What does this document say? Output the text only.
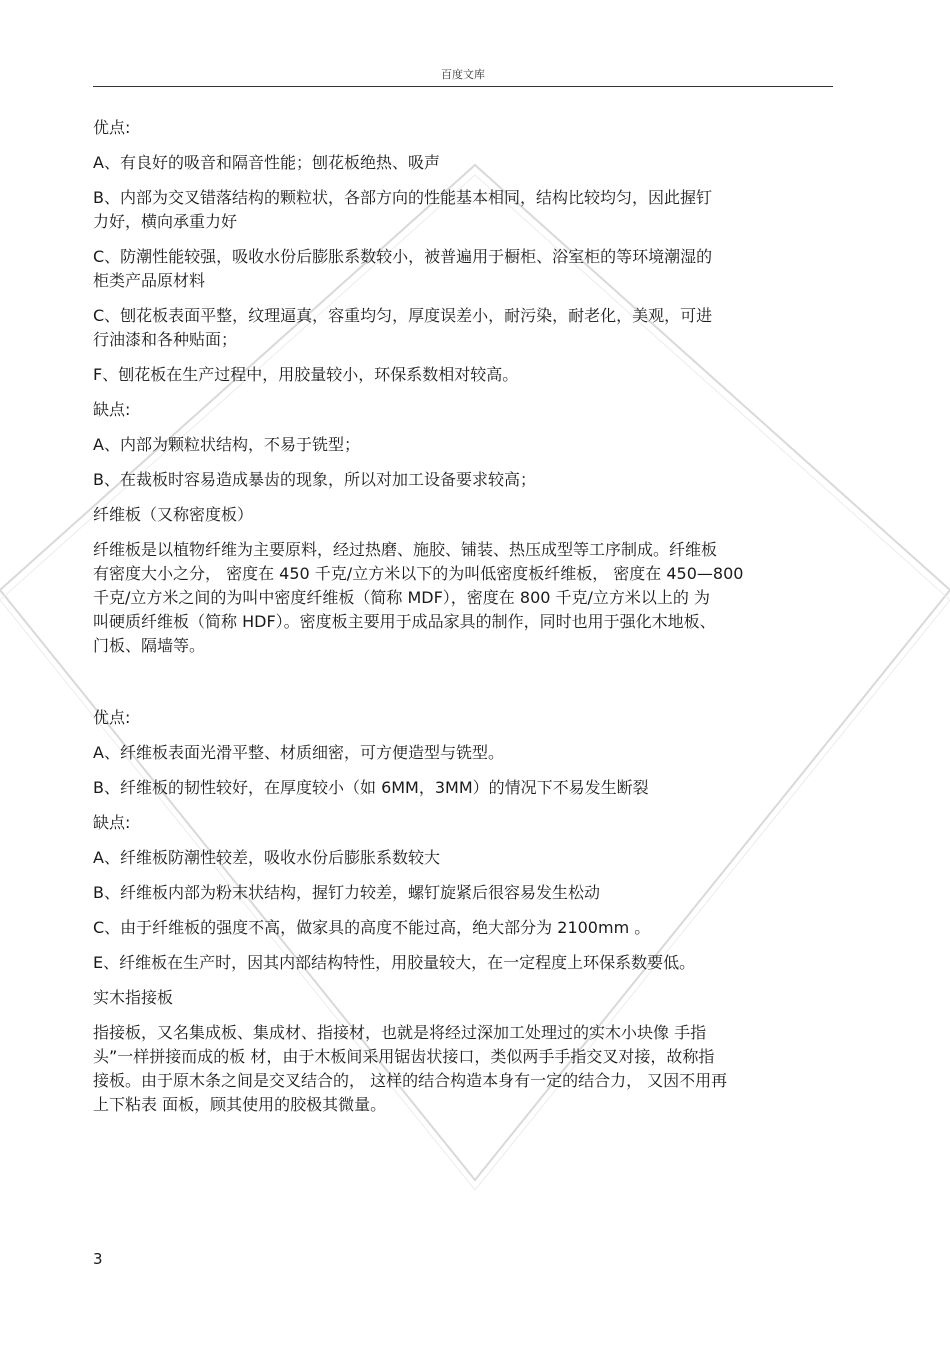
百度文库

优点:

A、有良好的吸音和隔音性能；刨花板绝热、吸声

B、内部为交叉错落结构的颗粒状，各部方向的性能基本相同，结构比较均匀，因此握钉

力好，横向承重力好

C、防潮性能较强，吸收水份后膨胀系数较小，被普遍用于橱柜、浴室柜的等环境潮湿的

柜类产品原材料

C、刨花板表面平整，纹理逼真，容重均匀，厚度误差小，耐污染，耐老化，美观，可进

行油漆和各种贴面；

F、刨花板在生产过程中，用胶量较小，环保系数相对较高。

缺点:

A、内部为颗粒状结构，不易于铣型；

B、在裁板时容易造成暴齿的现象，所以对加工设备要求较高；

纤维板（又称密度板）

纤维板是以植物纤维为主要原料，经过热磨、施胶、铺装、热压成型等工序制成。纤维板

有密度大小之分， 密度在 450 千克/立方米以下的为叫低密度板纤维板， 密度在 450—800

千克/立方米之间的为叫中密度纤维板（简称 MDF），密度在 800 千克/立方米以上的 为

叫硬质纤维板（简称 HDF）。密度板主要用于成品家具的制作，同时也用于强化木地板、

门板、隔墙等。

优点:

A、纤维板表面光滑平整、材质细密，可方便造型与铣型。

B、纤维板的韧性较好，在厚度较小（如 6MM，3MM）的情况下不易发生断裂

缺点:

A、纤维板防潮性较差，吸收水份后膨胀系数较大

B、纤维板内部为粉末状结构，握钉力较差，螺钉旋紧后很容易发生松动

C、由于纤维板的强度不高，做家具的高度不能过高，绝大部分为 2100mm 。

E、纤维板在生产时，因其内部结构特性，用胶量较大，在一定程度上环保系数要低。

实木指接板

指接板，又名集成板、集成材、指接材，也就是将经过深加工处理过的实木小块像 手指

头”一样拼接而成的板 材，由于木板间采用锯齿状接口，类似两手手指交叉对接，故称指

接板。由于原木条之间是交叉结合的， 这样的结合构造本身有一定的结合力， 又因不用再

上下粘表 面板，顾其使用的胶极其微量。

3
